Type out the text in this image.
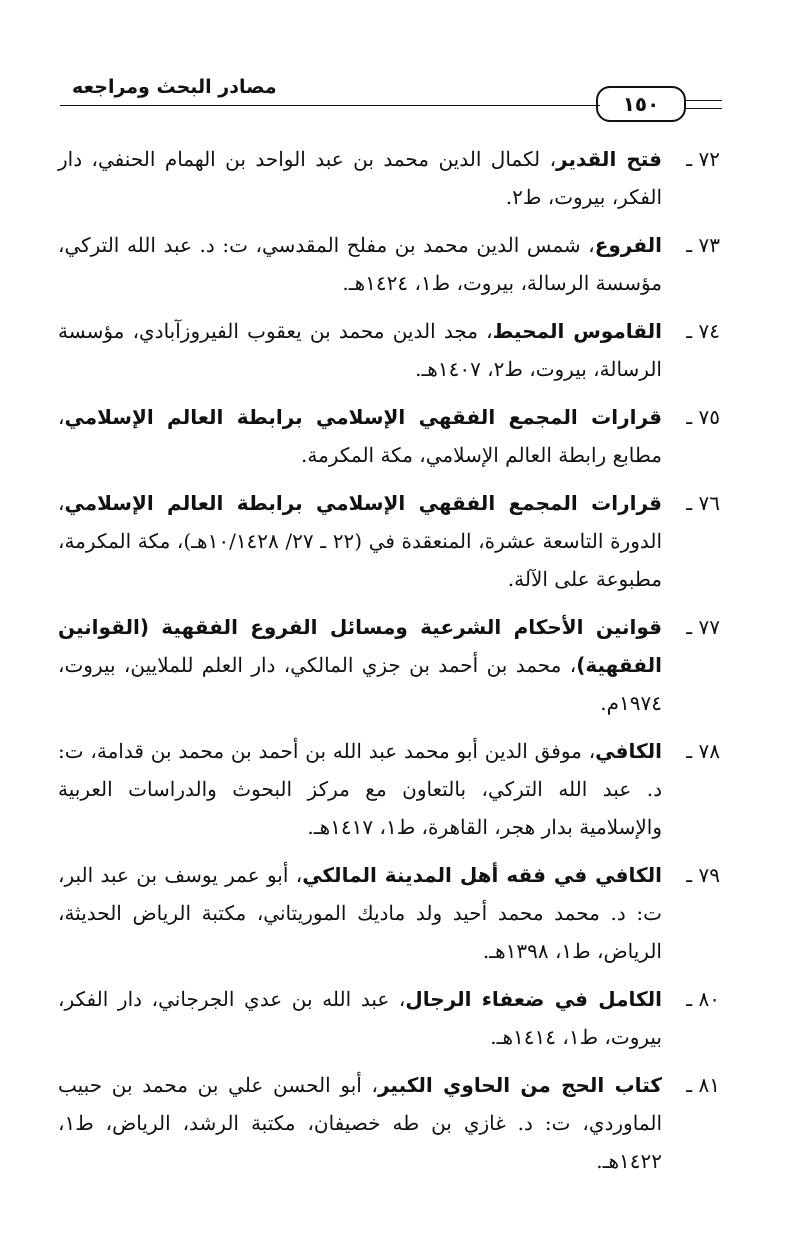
مصادر البحث ومراجعه
١٥٠
٧٢ ـ
فتح القدير، لكمال الدين محمد بن عبد الواحد بن الهمام الحنفي، دار الفكر، بيروت، ط٢.
٧٣ ـ
الفروع، شمس الدين محمد بن مفلح المقدسي، ت: د. عبد الله التركي، مؤسسة الرسالة، بيروت، ط١، ١٤٢٤هـ.
٧٤ ـ
القاموس المحيط، مجد الدين محمد بن يعقوب الفيروزآبادي، مؤسسة الرسالة، بيروت، ط٢، ١٤٠٧هـ.
٧٥ ـ
قرارات المجمع الفقهي الإسلامي برابطة العالم الإسلامي، مطابع رابطة العالم الإسلامي، مكة المكرمة.
٧٦ ـ
قرارات المجمع الفقهي الإسلامي برابطة العالم الإسلامي، الدورة التاسعة عشرة، المنعقدة في (٢٢ ـ ٢٧/ ١٠/١٤٢٨هـ)، مكة المكرمة، مطبوعة على الآلة.
٧٧ ـ
قوانين الأحكام الشرعية ومسائل الفروع الفقهية (القوانين الفقهية)، محمد بن أحمد بن جزي المالكي، دار العلم للملايين، بيروت، ١٩٧٤م.
٧٨ ـ
الكافي، موفق الدين أبو محمد عبد الله بن أحمد بن محمد بن قدامة، ت: د. عبد الله التركي، بالتعاون مع مركز البحوث والدراسات العربية والإسلامية بدار هجر، القاهرة، ط١، ١٤١٧هـ.
٧٩ ـ
الكافي في فقه أهل المدينة المالكي، أبو عمر يوسف بن عبد البر، ت: د. محمد محمد أحيد ولد ماديك الموريتاني، مكتبة الرياض الحديثة، الرياض، ط١، ١٣٩٨هـ.
٨٠ ـ
الكامل في ضعفاء الرجال، عبد الله بن عدي الجرجاني، دار الفكر، بيروت، ط١، ١٤١٤هـ.
٨١ ـ
كتاب الحج من الحاوي الكبير، أبو الحسن علي بن محمد بن حبيب الماوردي، ت: د. غازي بن طه خصيفان، مكتبة الرشد، الرياض، ط١، ١٤٢٢هـ.
